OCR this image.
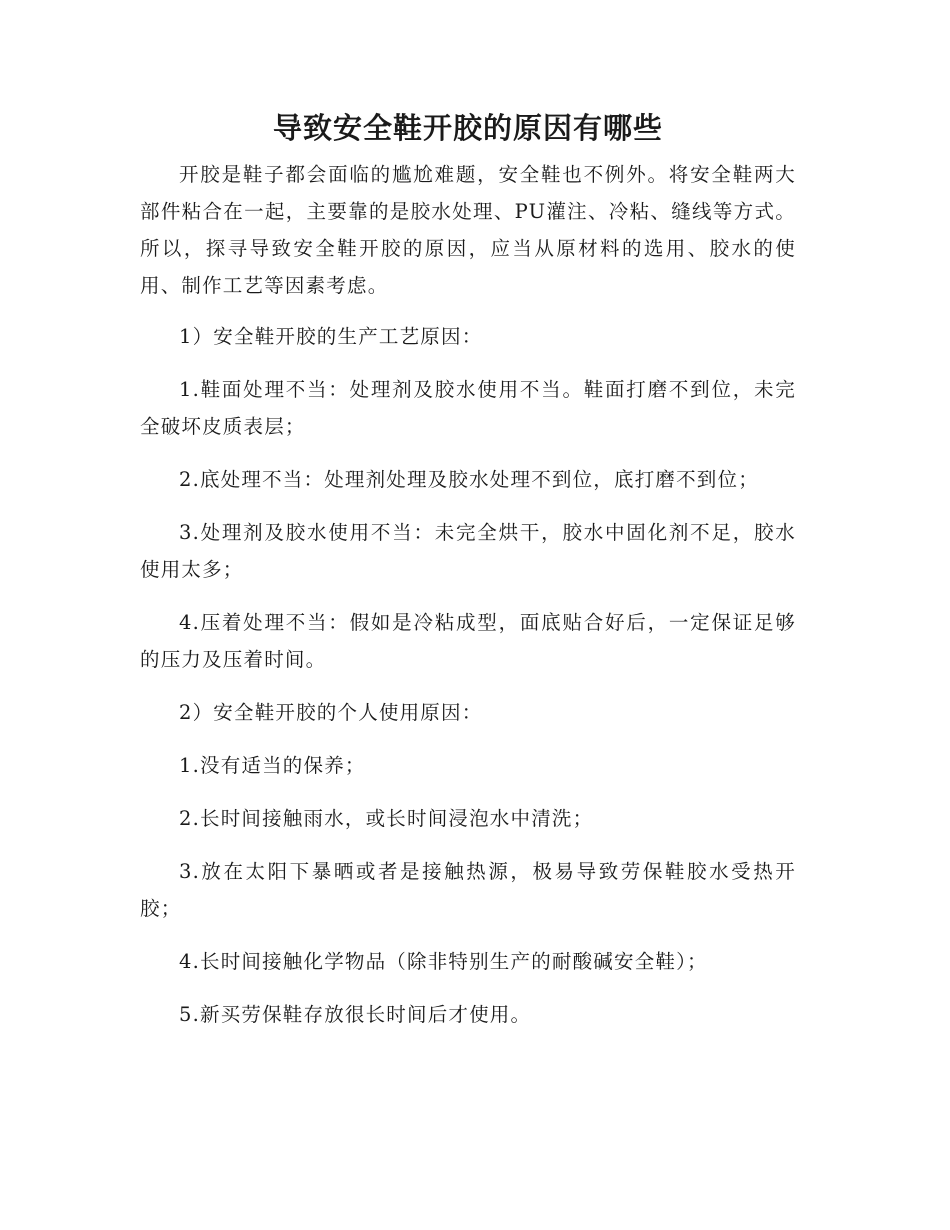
导致安全鞋开胶的原因有哪些

开胶是鞋子都会面临的尴尬难题，安全鞋也不例外。将安全鞋两大部件粘合在一起，主要靠的是胶水处理、PU灌注、冷粘、缝线等方式。所以，探寻导致安全鞋开胶的原因，应当从原材料的选用、胶水的使用、制作工艺等因素考虑。

1）安全鞋开胶的生产工艺原因：

1.鞋面处理不当：处理剂及胶水使用不当。鞋面打磨不到位，未完全破坏皮质表层；

2.底处理不当：处理剂处理及胶水处理不到位，底打磨不到位；

3.处理剂及胶水使用不当：未完全烘干，胶水中固化剂不足，胶水使用太多；

4.压着处理不当：假如是冷粘成型，面底贴合好后，一定保证足够的压力及压着时间。

2）安全鞋开胶的个人使用原因：

1.没有适当的保养；

2.长时间接触雨水，或长时间浸泡水中清洗；

3.放在太阳下暴晒或者是接触热源，极易导致劳保鞋胶水受热开胶；

4.长时间接触化学物品（除非特别生产的耐酸碱安全鞋）；

5.新买劳保鞋存放很长时间后才使用。
